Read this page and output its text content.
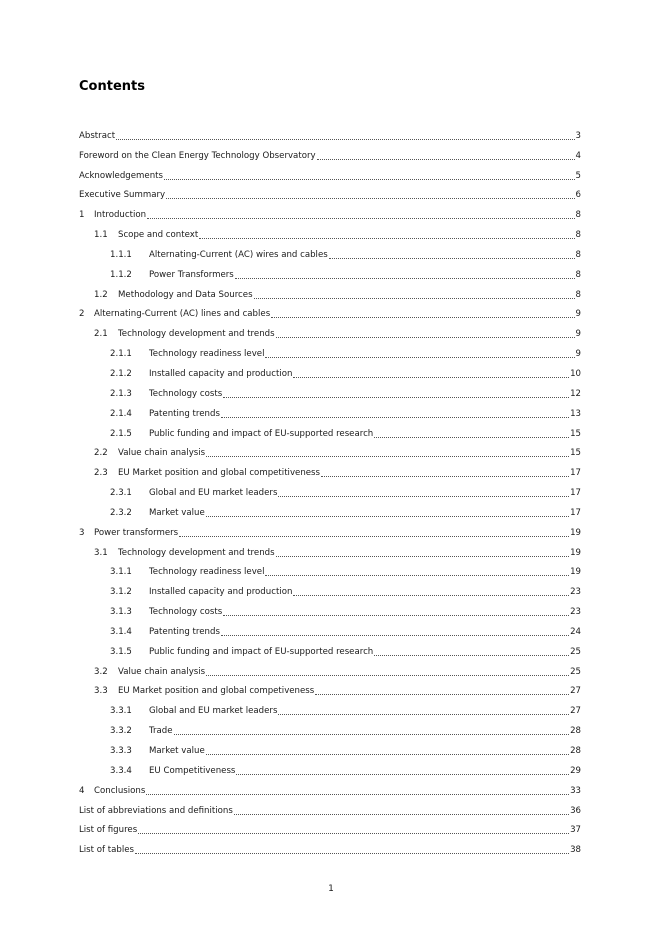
Contents
Abstract	3
Foreword on the Clean Energy Technology Observatory	4
Acknowledgements	5
Executive Summary	6
1	Introduction	8
1.1	Scope and context	8
1.1.1	Alternating-Current (AC) wires and cables	8
1.1.2	Power Transformers	8
1.2	Methodology and Data Sources	8
2	Alternating-Current (AC) lines and cables	9
2.1	Technology development and trends	9
2.1.1	Technology readiness level	9
2.1.2	Installed capacity and production	10
2.1.3	Technology costs	12
2.1.4	Patenting trends	13
2.1.5	Public funding and impact of EU-supported research	15
2.2	Value chain analysis	15
2.3	EU Market position and global competitiveness	17
2.3.1	Global and EU market leaders	17
2.3.2	Market value	17
3	Power transformers	19
3.1	Technology development and trends	19
3.1.1	Technology readiness level	19
3.1.2	Installed capacity and production	23
3.1.3	Technology costs	23
3.1.4	Patenting trends	24
3.1.5	Public funding and impact of EU-supported research	25
3.2	Value chain analysis	25
3.3	EU Market position and global competiveness	27
3.3.1	Global and EU market leaders	27
3.3.2	Trade	28
3.3.3	Market value	28
3.3.4	EU Competitiveness	29
4	Conclusions	33
List of abbreviations and definitions	36
List of figures	37
List of tables	38
1
